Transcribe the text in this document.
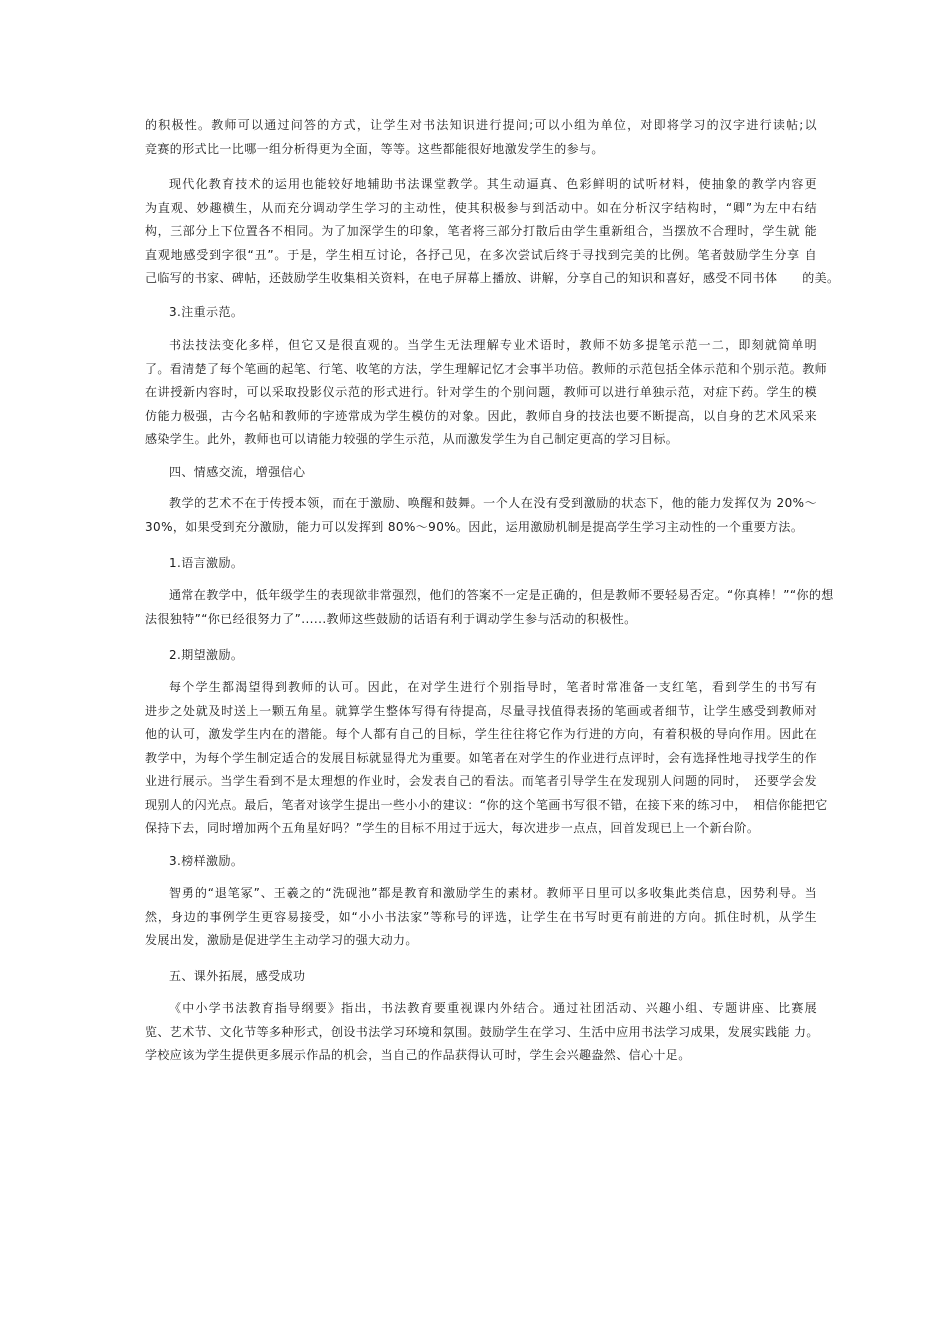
的积极性。教师可以通过问答的方式，让学生对书法知识进行提问;可以小组为单位，对即将学习的汉字进行读帖;以
竞赛的形式比一比哪一组分析得更为全面，等等。这些都能很好地激发学生的参与。
现代化教育技术的运用也能较好地辅助书法课堂教学。其生动逼真、色彩鲜明的试听材料，使抽象的教学内容更
为直观、妙趣横生，从而充分调动学生学习的主动性，使其积极参与到活动中。如在分析汉字结构时，“卿”为左中右结
构，三部分上下位置各不相同。为了加深学生的印象，笔者将三部分打散后由学生重新组合，当摆放不合理时，学生就 能
直观地感受到字很“丑”。于是，学生相互讨论，各抒己见，在多次尝试后终于寻找到完美的比例。笔者鼓励学生分享 自
己临写的书家、碑帖，还鼓励学生收集相关资料，在电子屏幕上播放、讲解，分享自己的知识和喜好，感受不同书体　　的美。
3.注重示范。
书法技法变化多样，但它又是很直观的。当学生无法理解专业术语时，教师不妨多提笔示范一二，即刻就简单明
了。看清楚了每个笔画的起笔、行笔、收笔的方法，学生理解记忆才会事半功倍。教师的示范包括全体示范和个别示范。教师
在讲授新内容时，可以采取投影仪示范的形式进行。针对学生的个别问题，教师可以进行单独示范，对症下药。学生的模
仿能力极强，古今名帖和教师的字迹常成为学生模仿的对象。因此，教师自身的技法也要不断提高，以自身的艺术风采来
感染学生。此外，教师也可以请能力较强的学生示范，从而激发学生为自己制定更高的学习目标。
四、情感交流，增强信心
教学的艺术不在于传授本领，而在于激励、唤醒和鼓舞。一个人在没有受到激励的状态下，他的能力发挥仅为 20%～
30%，如果受到充分激励，能力可以发挥到 80%～90%。因此，运用激励机制是提高学生学习主动性的一个重要方法。
1.语言激励。
通常在教学中，低年级学生的表现欲非常强烈，他们的答案不一定是正确的，但是教师不要轻易否定。“你真棒！”“你的想
法很独特”“你已经很努力了”......教师这些鼓励的话语有利于调动学生参与活动的积极性。
2.期望激励。
每个学生都渴望得到教师的认可。因此，在对学生进行个别指导时，笔者时常准备一支红笔，看到学生的书写有
进步之处就及时送上一颗五角星。就算学生整体写得有待提高，尽量寻找值得表扬的笔画或者细节，让学生感受到教师对
他的认可，激发学生内在的潜能。每个人都有自己的目标，学生往往将它作为行进的方向，有着积极的导向作用。因此在
教学中，为每个学生制定适合的发展目标就显得尤为重要。如笔者在对学生的作业进行点评时，会有选择性地寻找学生的作
业进行展示。当学生看到不是太理想的作业时，会发表自己的看法。而笔者引导学生在发现别人问题的同时，　还要学会发
现别人的闪光点。最后，笔者对该学生提出一些小小的建议：“你的这个笔画书写很不错，在接下来的练习中，　相信你能把它
保持下去，同时增加两个五角星好吗？”学生的目标不用过于远大，每次进步一点点，回首发现已上一个新台阶。
3.榜样激励。
智勇的“退笔冢”、王羲之的“洗砚池”都是教育和激励学生的素材。教师平日里可以多收集此类信息，因势利导。当
然，身边的事例学生更容易接受，如“小小书法家”等称号的评选，让学生在书写时更有前进的方向。抓住时机，从学生
发展出发，激励是促进学生主动学习的强大动力。
五、课外拓展，感受成功
《中小学书法教育指导纲要》指出，书法教育要重视课内外结合。通过社团活动、兴趣小组、专题讲座、比赛展
览、艺术节、文化节等多种形式，创设书法学习环境和氛围。鼓励学生在学习、生活中应用书法学习成果，发展实践能 力。
学校应该为学生提供更多展示作品的机会，当自己的作品获得认可时，学生会兴趣盎然、信心十足。
